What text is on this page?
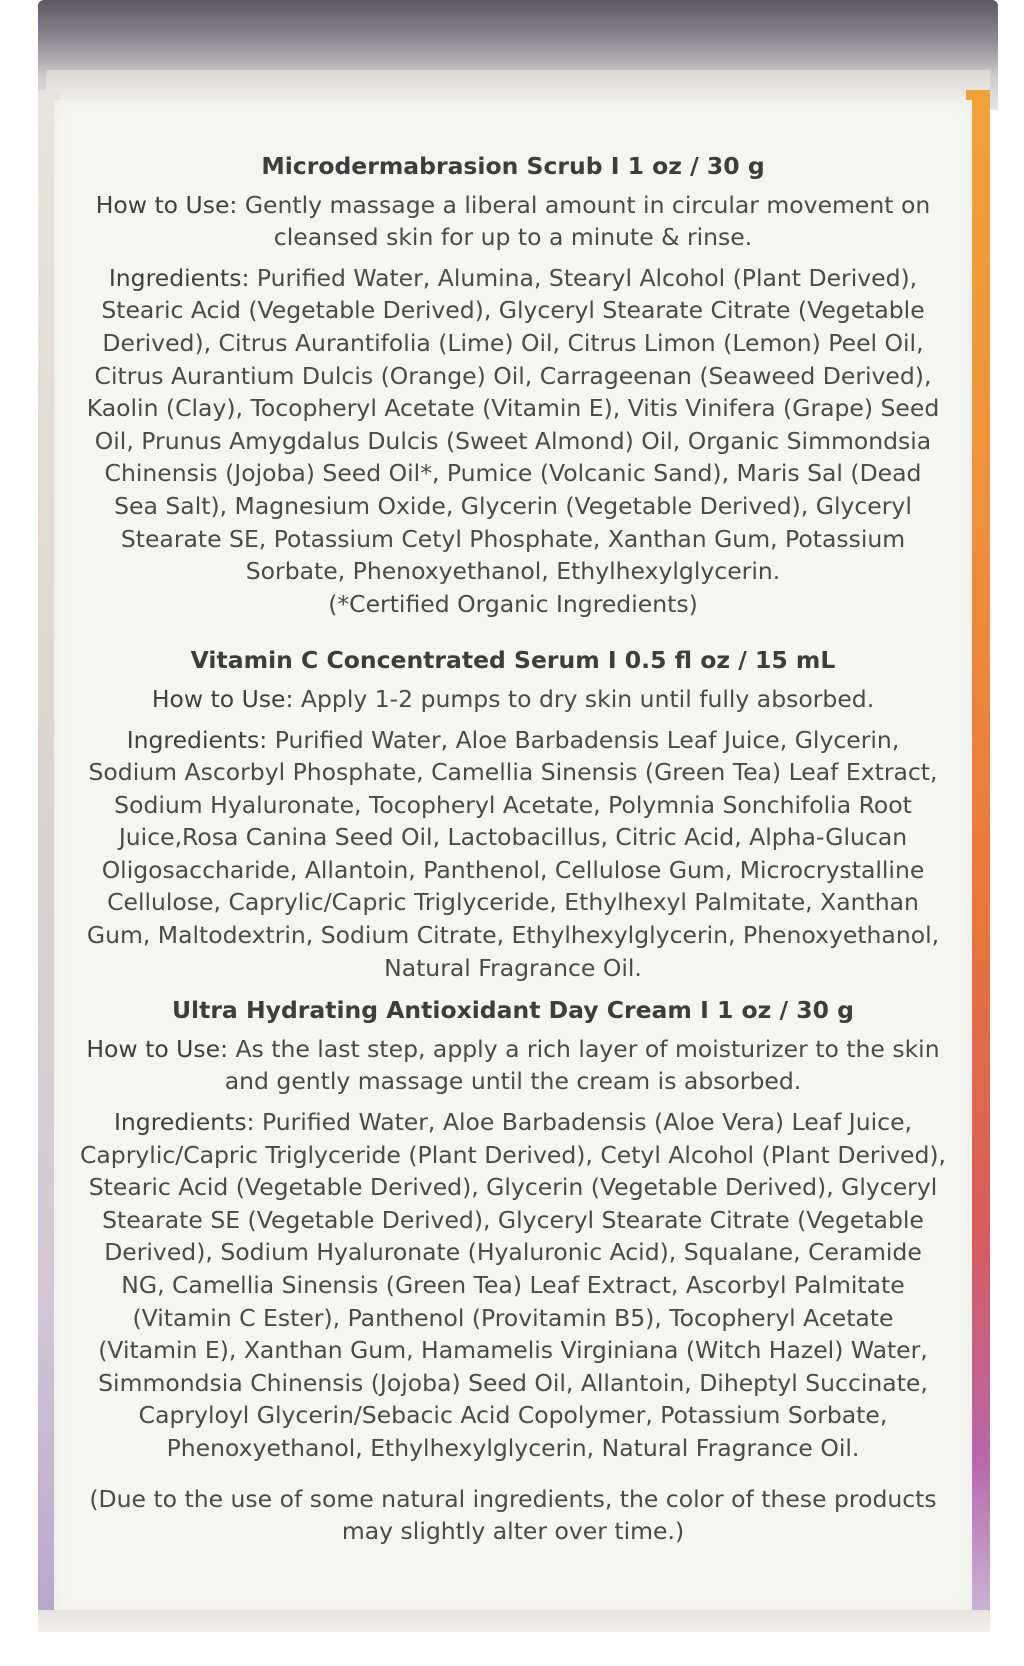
Microdermabrasion Scrub I 1 oz / 30 g
How to Use: Gently massage a liberal amount in circular movement on cleansed skin for up to a minute & rinse.
Ingredients: Purified Water, Alumina, Stearyl Alcohol (Plant Derived), Stearic Acid (Vegetable Derived), Glyceryl Stearate Citrate (Vegetable Derived), Citrus Aurantifolia (Lime) Oil, Citrus Limon (Lemon) Peel Oil, Citrus Aurantium Dulcis (Orange) Oil, Carrageenan (Seaweed Derived), Kaolin (Clay), Tocopheryl Acetate (Vitamin E), Vitis Vinifera (Grape) Seed Oil, Prunus Amygdalus Dulcis (Sweet Almond) Oil, Organic Simmondsia Chinensis (Jojoba) Seed Oil*, Pumice (Volcanic Sand), Maris Sal (Dead Sea Salt), Magnesium Oxide, Glycerin (Vegetable Derived), Glyceryl Stearate SE, Potassium Cetyl Phosphate, Xanthan Gum, Potassium Sorbate, Phenoxyethanol, Ethylhexylglycerin.
(*Certified Organic Ingredients)
Vitamin C Concentrated Serum I 0.5 fl oz / 15 mL
How to Use: Apply 1-2 pumps to dry skin until fully absorbed.
Ingredients: Purified Water, Aloe Barbadensis Leaf Juice, Glycerin, Sodium Ascorbyl Phosphate, Camellia Sinensis (Green Tea) Leaf Extract, Sodium Hyaluronate, Tocopheryl Acetate, Polymnia Sonchifolia Root Juice,Rosa Canina Seed Oil, Lactobacillus, Citric Acid, Alpha-Glucan Oligosaccharide, Allantoin, Panthenol, Cellulose Gum, Microcrystalline Cellulose, Caprylic/Capric Triglyceride, Ethylhexyl Palmitate, Xanthan Gum, Maltodextrin, Sodium Citrate, Ethylhexylglycerin, Phenoxyethanol, Natural Fragrance Oil.
Ultra Hydrating Antioxidant Day Cream I 1 oz / 30 g
How to Use: As the last step, apply a rich layer of moisturizer to the skin and gently massage until the cream is absorbed.
Ingredients: Purified Water, Aloe Barbadensis (Aloe Vera) Leaf Juice, Caprylic/Capric Triglyceride (Plant Derived), Cetyl Alcohol (Plant Derived), Stearic Acid (Vegetable Derived), Glycerin (Vegetable Derived), Glyceryl Stearate SE (Vegetable Derived), Glyceryl Stearate Citrate (Vegetable Derived), Sodium Hyaluronate (Hyaluronic Acid), Squalane, Ceramide NG, Camellia Sinensis (Green Tea) Leaf Extract, Ascorbyl Palmitate (Vitamin C Ester), Panthenol (Provitamin B5), Tocopheryl Acetate (Vitamin E), Xanthan Gum, Hamamelis Virginiana (Witch Hazel) Water, Simmondsia Chinensis (Jojoba) Seed Oil, Allantoin, Diheptyl Succinate, Capryloyl Glycerin/Sebacic Acid Copolymer, Potassium Sorbate, Phenoxyethanol, Ethylhexylglycerin, Natural Fragrance Oil.
(Due to the use of some natural ingredients, the color of these products may slightly alter over time.)
